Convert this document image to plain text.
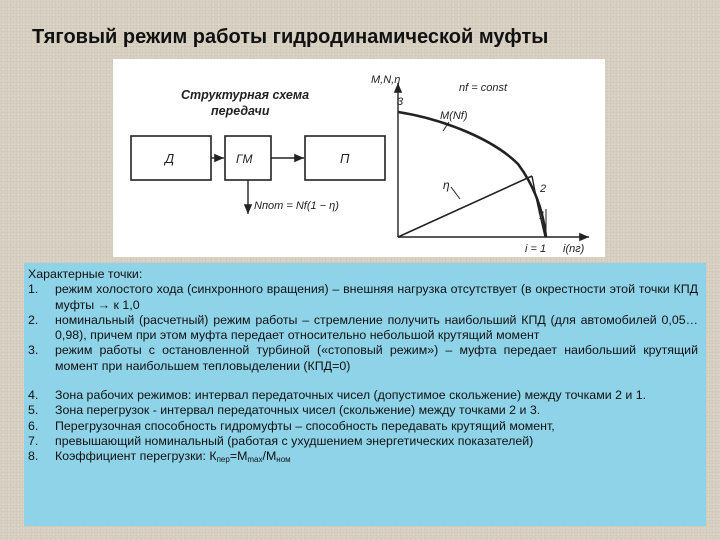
Тяговый режим работы гидродинамической муфты
Структурная схема
передачи
Д	ГМ	П
Nпот = Nf(1 − η)
M,N,η
i(nг)
nf = const
M(Nf)
η
3
2
1
i = 1
Характерные точки:
1. режим холостого хода (синхронного вращения) – внешняя нагрузка отсутствует (в окрестности этой точки КПД муфты → к 1,0
2. номинальный (расчетный) режим работы – стремление получить наибольший КПД (для автомобилей 0,05…0,98), причем при этом муфта передает относительно небольшой крутящий момент
3. режим работы с остановленной турбиной («стоповый режим») – муфта передает наибольший крутящий момент при наибольшем тепловыделении (КПД=0)
4. Зона рабочих режимов: интервал передаточных чисел (допустимое скольжение) между точками 2 и 1.
5. Зона перегрузок - интервал передаточных чисел (скольжение) между точками 2 и 3.
6. Перегрузочная способность гидромуфты – способность передавать крутящий момент,
7. превышающий номинальный (работая с ухудшением энергетических показателей)
8. Коэффициент перегрузки: $К_{пер}=М_{max}/М_{ном}$
